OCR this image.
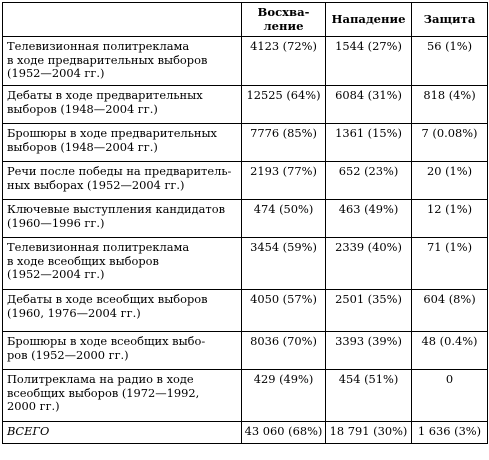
	Восхва-
ление	Нападение	Защита

Телевизионная политреклама
в ходе предварительных выборов
(1952—2004 гг.)	4123 (72%)	1544 (27%)	56 (1%)

Дебаты в ходе предварительных
выборов (1948—2004 гг.)	12525 (64%)	6084 (31%)	818 (4%)

Брошюры в ходе предварительных
выборов (1948—2004 гг.)	7776 (85%)	1361 (15%)	7 (0.08%)

Речи после победы на предваритель-
ных выборах (1952—2004 гг.)	2193 (77%)	652 (23%)	20 (1%)

Ключевые выступления кандидатов
(1960—1996 гг.)	474 (50%)	463 (49%)	12 (1%)

Телевизионная политреклама
в ходе всеобщих выборов
(1952—2004 гг.)	3454 (59%)	2339 (40%)	71 (1%)

Дебаты в ходе всеобщих выборов
(1960, 1976—2004 гг.)	4050 (57%)	2501 (35%)	604 (8%)

Брошюры в ходе всеобщих выбо-
ров (1952—2000 гг.)	8036 (70%)	3393 (39%)	48 (0.4%)

Политреклама на радио в ходе
всеобщих выборов (1972—1992,
2000 гг.)	429 (49%)	454 (51%)	0
ВСЕГО	43 060 (68%)	18 791 (30%)	1 636 (3%)
